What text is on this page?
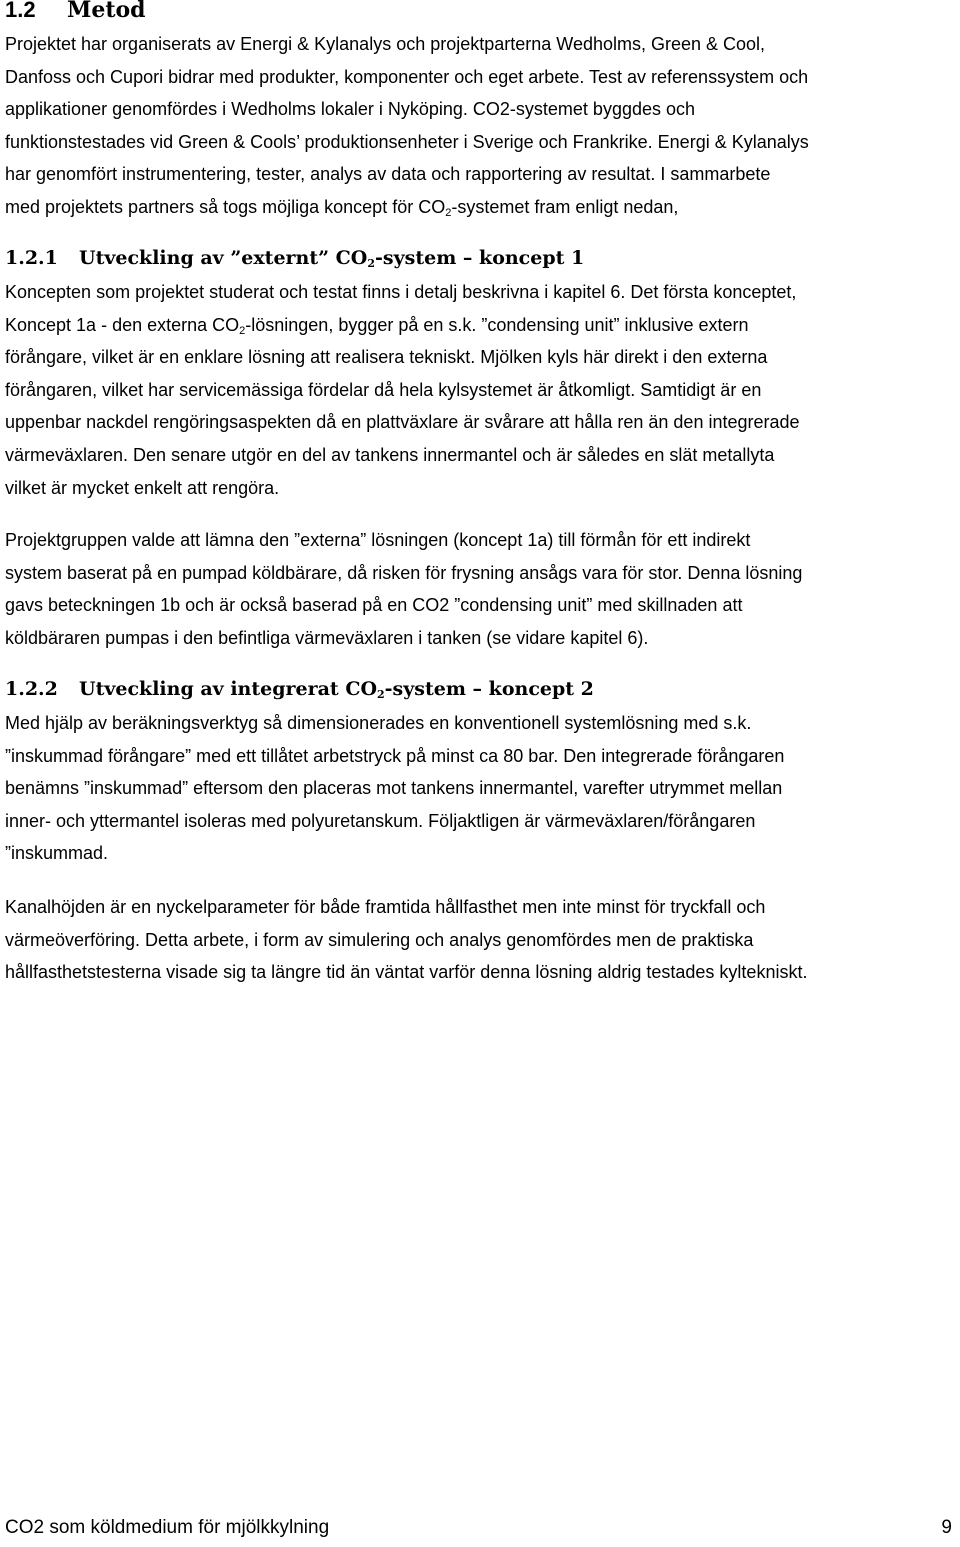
1.2 Metod
Projektet har organiserats av Energi & Kylanalys och projektparterna Wedholms, Green & Cool,
Danfoss och Cupori bidrar med produkter, komponenter och eget arbete. Test av referenssystem och
applikationer genomfördes i Wedholms lokaler i Nyköping. CO2-systemet byggdes och
funktionstestades vid Green & Cools’ produktionsenheter i Sverige och Frankrike. Energi & Kylanalys
har genomfört instrumentering, tester, analys av data och rapportering av resultat. I sammarbete
med projektets partners så togs möjliga koncept för $CO_2$-systemet fram enligt nedan,
1.2.1 Utveckling av ”externt” $CO_2$-system – koncept 1
Koncepten som projektet studerat och testat finns i detalj beskrivna i kapitel 6. Det första konceptet,
Koncept 1a - den externa $CO_2$-lösningen, bygger på en s.k. ”condensing unit” inklusive extern
förångare, vilket är en enklare lösning att realisera tekniskt. Mjölken kyls här direkt i den externa
förångaren, vilket har servicemässiga fördelar då hela kylsystemet är åtkomligt. Samtidigt är en
uppenbar nackdel rengöringsaspekten då en plattväxlare är svårare att hålla ren än den integrerade
värmeväxlaren. Den senare utgör en del av tankens innermantel och är således en slät metallyta
vilket är mycket enkelt att rengöra.
Projektgruppen valde att lämna den ”externa” lösningen (koncept 1a) till förmån för ett indirekt
system baserat på en pumpad köldbärare, då risken för frysning ansågs vara för stor. Denna lösning
gavs beteckningen 1b och är också baserad på en CO2 ”condensing unit” med skillnaden att
köldbäraren pumpas i den befintliga värmeväxlaren i tanken (se vidare kapitel 6).
1.2.2 Utveckling av integrerat $CO_2$-system – koncept 2
Med hjälp av beräkningsverktyg så dimensionerades en konventionell systemlösning med s.k.
”inskummad förångare” med ett tillåtet arbetstryck på minst ca 80 bar. Den integrerade förångaren
benämns ”inskummad” eftersom den placeras mot tankens innermantel, varefter utrymmet mellan
inner- och yttermantel isoleras med polyuretanskum. Följaktligen är värmeväxlaren/förångaren
”inskummad.
Kanalhöjden är en nyckelparameter för både framtida hållfasthet men inte minst för tryckfall och
värmeöverföring. Detta arbete, i form av simulering och analys genomfördes men de praktiska
hållfasthetstesterna visade sig ta längre tid än väntat varför denna lösning aldrig testades kyltekniskt.
CO2 som köldmedium för mjölkkylning	9
